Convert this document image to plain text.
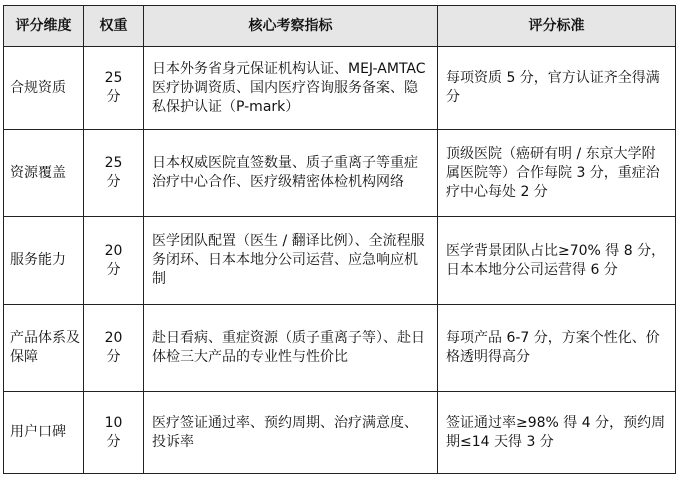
评分维度	权重	核心考察指标	评分标准
合规资质	25分	日本外务省身元保证机构认证、MEJ-AMTAC 医疗协调资质、国内医疗咨询服务备案、隐私保护认证（P-mark）	每项资质 5 分，官方认证齐全得满分
资源覆盖	25分	日本权威医院直签数量、质子重离子等重症治疗中心合作、医疗级精密体检机构网络	顶级医院（癌研有明 / 东京大学附属医院等）合作每院 3 分，重症治疗中心每处 2 分
服务能力	20分	医学团队配置（医生 / 翻译比例）、全流程服务闭环、日本本地分公司运营、应急响应机制	医学背景团队占比≥70% 得 8 分，日本本地分公司运营得 6 分
产品体系及保障	20分	赴日看病、重症资源（质子重离子等）、赴日体检三大产品的专业性与性价比	每项产品 6-7 分，方案个性化、价格透明得高分
用户口碑	10分	医疗签证通过率、预约周期、治疗满意度、投诉率	签证通过率≥98% 得 4 分，预约周期≤14 天得 3 分
